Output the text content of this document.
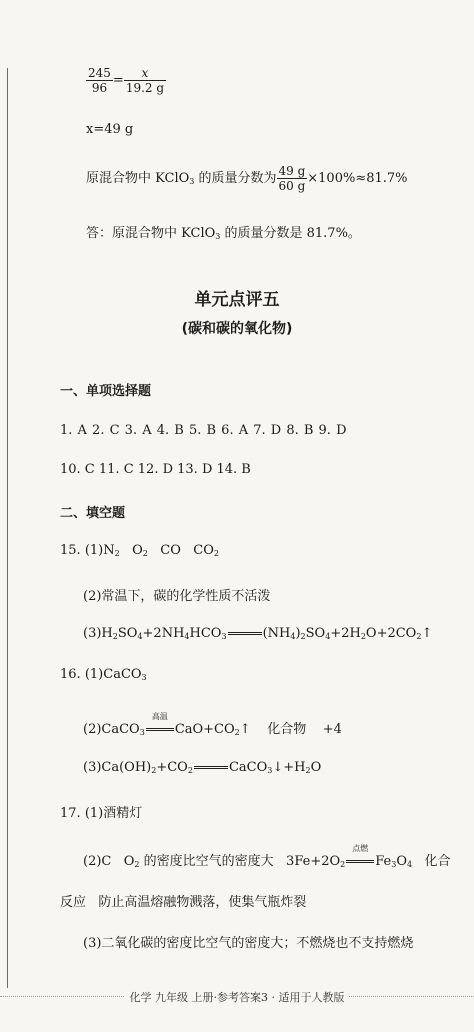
$\frac{245}{96} = \frac{x}{19.2 g}$
x=49 g
原混合物中 KClO$_3$ 的质量分数为 $\frac{49 g}{60 g} \times 100\%\approx 81.7\%$
答：原混合物中 KClO$_3$ 的质量分数是 81.7%。
单元点评五
(碳和碳的氧化物)
一、单项选择题
1. A 2. C 3. A 4. B 5. B 6. A 7. D 8. B 9. D
10. C 11. C 12. D 13. D 14. B
二、填空题
15. $(1)N_2$   $O_2$   CO   $CO_2$
(2)常温下，碳的化学性质不活泼
$(3)H_2SO_4+2NH_4HCO_3$	$(NH_4)_2SO_4+2H_2O+2CO_2↑$
16. (1)CaCO$_3$
(2)CaCO$_3$
高温
$CaO+CO_2↑$    化合物    +4
$(3)Ca(OH)_2+CO_2$	$CaCO_3↓+H_2O$
17. (1)酒精灯
(2)C   $O_2$ 的密度比空气的密度大   $3Fe+2O_2$
点燃
$Fe_3O_4$   化合
反应   防止高温熔融物溅落，使集气瓶炸裂
(3)二氧化碳的密度比空气的密度大；不燃烧也不支持燃烧
化学 九年级 上册·参考答案3 · 适用于人教版
